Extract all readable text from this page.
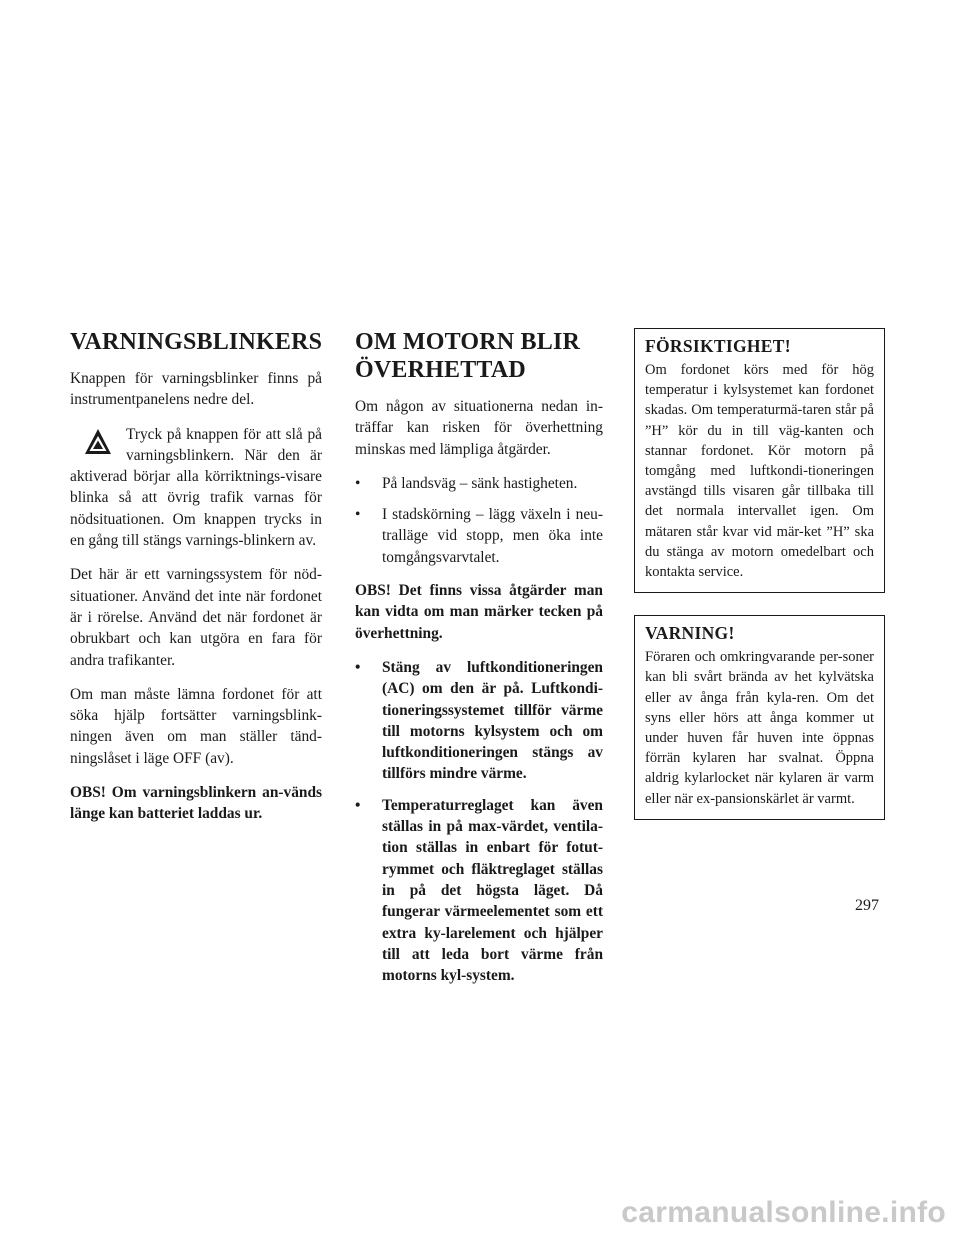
VARNINGSBLINKERS

Knappen för varningsblinker finns på instrumentpanelens nedre del.

Tryck på knappen för att slå på varningsblinkern. När den är aktiverad börjar alla körriktnings-visare blinka så att övrig trafik varnas för nödsituationen. Om knappen trycks in en gång till stängs varnings-blinkern av.

Det här är ett varningssystem för nöd-situationer. Använd det inte när fordonet är i rörelse. Använd det när fordonet är obrukbart och kan utgöra en fara för andra trafikanter.

Om man måste lämna fordonet för att söka hjälp fortsätter varningsblink-ningen även om man ställer tänd-ningslåset i läge OFF (av).

OBS! Om varningsblinkern an-vänds länge kan batteriet laddas ur.

OM MOTORN BLIR
ÖVERHETTAD

Om någon av situationerna nedan in-träffar kan risken för överhettning minskas med lämpliga åtgärder.

• På landsväg – sänk hastigheten.
• I stadskörning – lägg växeln i neu-tralläge vid stopp, men öka inte tomgångsvarvtalet.

OBS! Det finns vissa åtgärder man kan vidta om man märker tecken på överhettning.

• Stäng av luftkonditioneringen (AC) om den är på. Luftkondi-tioneringssystemet tillför värme till motorns kylsystem och om luftkonditioneringen stängs av tillförs mindre värme.
• Temperaturreglaget kan även ställas in på max-värdet, ventila-tion ställas in enbart för fotut-rymmet och fläktreglaget ställas in på det högsta läget. Då fungerar värmeelementet som ett extra ky-larelement och hjälper till att leda bort värme från motorns kyl-system.
FÖRSIKTIGHET!

Om fordonet körs med för hög temperatur i kylsystemet kan fordonet skadas. Om temperaturmä-taren står på ”H” kör du in till väg-kanten och stannar fordonet. Kör motorn på tomgång med luftkondi-tioneringen avstängd tills visaren går tillbaka till det normala intervallet igen. Om mätaren står kvar vid mär-ket ”H” ska du stänga av motorn omedelbart och kontakta service.

VARNING!

Föraren och omkringvarande per-soner kan bli svårt brända av het kylvätska eller av ånga från kyla-ren. Om det syns eller hörs att ånga kommer ut under huven får huven inte öppnas förrän kylaren har svalnat. Öppna aldrig kylarlocket när kylaren är varm eller när ex-pansionskärlet är varmt.

297
carmanualsonline.info
